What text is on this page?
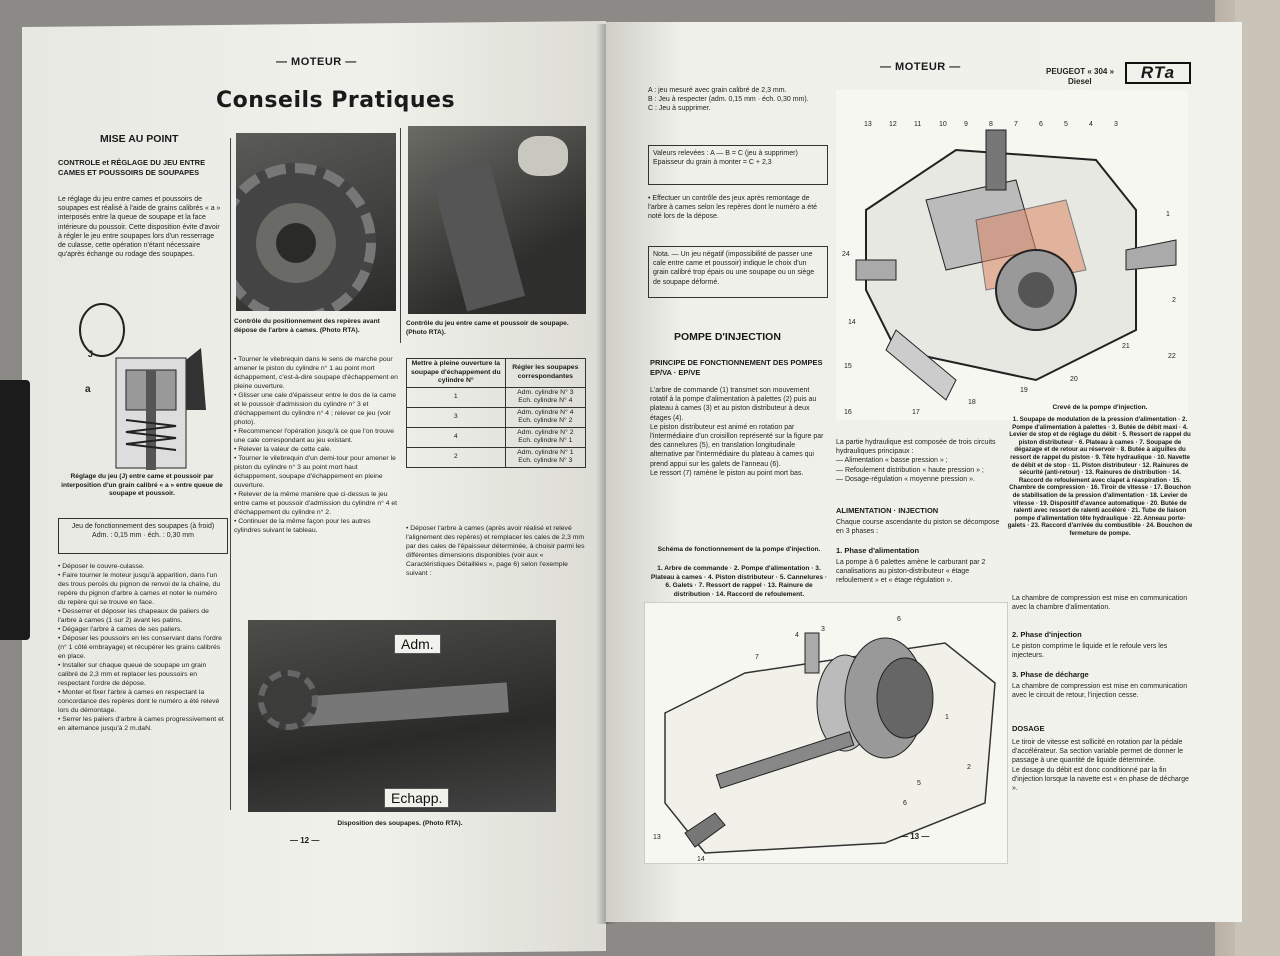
— MOTEUR —
Conseils Pratiques
MISE AU POINT
CONTROLE et RÉGLAGE DU JEU ENTRE CAMES ET POUSSOIRS DE SOUPAPES
Le réglage du jeu entre cames et poussoirs de soupapes est réalisé à l'aide de grains calibrés « a » interposés entre la queue de soupape et la face intérieure du poussoir. Cette disposition évite d'avoir à régler le jeu entre soupapes lors d'un resserrage de culasse, cette opération n'étant nécessaire qu'après échange ou rodage des soupapes.
J
a
Réglage du jeu (J) entre came et poussoir par interposition d'un grain calibré « a » entre queue de soupape et poussoir.
Jeu de fonctionnement des soupapes (à froid)
Adm. : 0,15 mm · éch. : 0,30 mm
• Déposer le couvre-culasse.
• Faire tourner le moteur jusqu'à apparition, dans l'un des trous percés du pignon de renvoi de la chaîne, du repère du pignon d'arbre à cames et noter le numéro du repère qui se trouve en face.
• Desserrer et déposer les chapeaux de paliers de l'arbre à cames (1 sur 2) avant les patins.
• Dégager l'arbre à cames de ses paliers.
• Déposer les poussoirs en les conservant dans l'ordre (n° 1 côté embrayage) et récupérer les grains calibrés en place.
• Installer sur chaque queue de soupape un grain calibré de 2,3 mm et replacer les poussoirs en respectant l'ordre de dépose.
• Monter et fixer l'arbre à cames en respectant la concordance des repères dont le numéro a été relevé lors du démontage.
• Serrer les paliers d'arbre à cames progressivement et en alternance jusqu'à 2 m.daN.
Contrôle du positionnement des repères avant dépose de l'arbre à cames. (Photo RTA).
Contrôle du jeu entre came et poussoir de soupape. (Photo RTA).
• Tourner le vilebrequin dans le sens de marche pour amener le piston du cylindre n° 1 au point mort échappement, c'est-à-dire soupape d'échappement en pleine ouverture.
• Glisser une cale d'épaisseur entre le dos de la came et le poussoir d'admission du cylindre n° 3 et d'échappement du cylindre n° 4 ; relever ce jeu (voir photo).
• Recommencer l'opération jusqu'à ce que l'on trouve une cale correspondant au jeu existant.
• Relever la valeur de cette cale.
• Tourner le vilebrequin d'un demi-tour pour amener le piston du cylindre n° 3 au point mort haut échappement, soupape d'échappement en pleine ouverture.
• Relever de la même manière que ci-dessus le jeu entre came et poussoir d'admission du cylindre n° 4 et d'échappement du cylindre n° 2.
• Continuer de la même façon pour les autres cylindres suivant le tableau.
Mettre à pleine ouverture la soupape d'échappement du cylindre N°	Régler les soupapes correspondantes
1	Adm. cylindre N° 3
Ech. cylindre N° 4

3	Adm. cylindre N° 4
Ech. cylindre N° 2

4	Adm. cylindre N° 2
Ech. cylindre N° 1

2	Adm. cylindre N° 1
Ech. cylindre N° 3
• Déposer l'arbre à cames (après avoir réalisé et relevé l'alignement des repères) et remplacer les cales de 2,3 mm par des cales de l'épaisseur déterminée, à choisir parmi les différentes dimensions disponibles (voir aux « Caractéristiques Détaillées », page 6) selon l'exemple suivant :
Adm.
Echapp.
Disposition des soupapes. (Photo RTA).
— 12 —
— MOTEUR —	PEUGEOT « 304 »
Diesel	RTa
A : jeu mesuré avec grain calibré de 2,3 mm.
B : Jeu à respecter (adm. 0,15 mm · éch. 0,30 mm).
C : Jeu à supprimer.
Valeurs relevées : A — B = C (jeu à supprimer)
Epaisseur du grain à monter = C + 2,3
• Effectuer un contrôle des jeux après remontage de l'arbre à cames selon les repères dont le numéro a été noté lors de la dépose.
Nota. — Un jeu négatif (impossibilité de passer une cale entre came et poussoir) indique le choix d'un grain calibré trop épais ou une soupape ou un siège de soupape déformé.
POMPE D'INJECTION
PRINCIPE DE FONCTIONNEMENT DES POMPES EP/VA · EP/VE
L'arbre de commande (1) transmet son mouvement rotatif à la pompe d'alimentation à palettes (2) puis au plateau à cames (3) et au piston distributeur à deux étages (4).
Le piston distributeur est animé en rotation par l'intermédiaire d'un croisillon représenté sur la figure par des cannelures (5), en translation longitudinale alternative par l'intermédiaire du plateau à cames qui prend appui sur les galets de l'anneau (6).
Le ressort (7) ramène le piston au point mort bas.
Schéma de fonctionnement de la pompe d'injection.
1. Arbre de commande · 2. Pompe d'alimentation · 3. Plateau à cames · 4. Piston distributeur · 5. Cannelures · 6. Galets · 7. Ressort de rappel · 13. Rainure de distribution · 14. Raccord de refoulement.
13 12 11	10 9	8	7	6	5	4	3
24
14
15
16	17
18
19
20
21
22
2
1
Crevé de la pompe d'injection.
1. Soupape de modulation de la pression d'alimentation · 2. Pompe d'alimentation à palettes · 3. Butée de débit maxi · 4. Levier de stop et de réglage du débit · 5. Ressort de rappel du piston distributeur · 6. Plateau à cames · 7. Soupape de dégazage et de retour au réservoir · 8. Butée à aiguilles du ressort de rappel du piston · 9. Tête hydraulique · 10. Navette de débit et de stop · 11. Piston distributeur · 12. Rainures de sécurité (anti-retour) · 13. Rainures de distribution · 14. Raccord de refoulement avec clapet à réaspiration · 15. Chambre de compression · 16. Tiroir de vitesse · 17. Bouchon de stabilisation de la pression d'alimentation · 18. Levier de vitesse · 19. Dispositif d'avance automatique · 20. Butée de ralenti avec ressort de ralenti accéléré · 21. Tube de liaison pompe d'alimentation tête hydraulique · 22. Anneau porte-galets · 23. Raccord d'arrivée du combustible · 24. Bouchon de fermeture de pompe.
La partie hydraulique est composée de trois circuits hydrauliques principaux :
— Alimentation « basse pression » ;
— Refoulement distribution « haute pression » ;
— Dosage-régulation « moyenne pression ».
ALIMENTATION · INJECTION
Chaque course ascendante du piston se décompose en 3 phases :
1. Phase d'alimentation
La pompe à 6 palettes amène le carburant par 2 canalisations au piston-distributeur « étage refoulement » et « étage régulation ».
7
4
3
6
1
2
5
6
13
14
La chambre de compression est mise en communication avec la chambre d'alimentation.
2. Phase d'injection
Le piston comprime le liquide et le refoule vers les injecteurs.
3. Phase de décharge
La chambre de compression est mise en communication avec le circuit de retour, l'injection cesse.
DOSAGE
Le tiroir de vitesse est sollicité en rotation par la pédale d'accélérateur. Sa section variable permet de donner le passage à une quantité de liquide déterminée.
Le dosage du débit est donc conditionné par la fin d'injection lorsque la navette est « en phase de décharge ».
— 13 —
